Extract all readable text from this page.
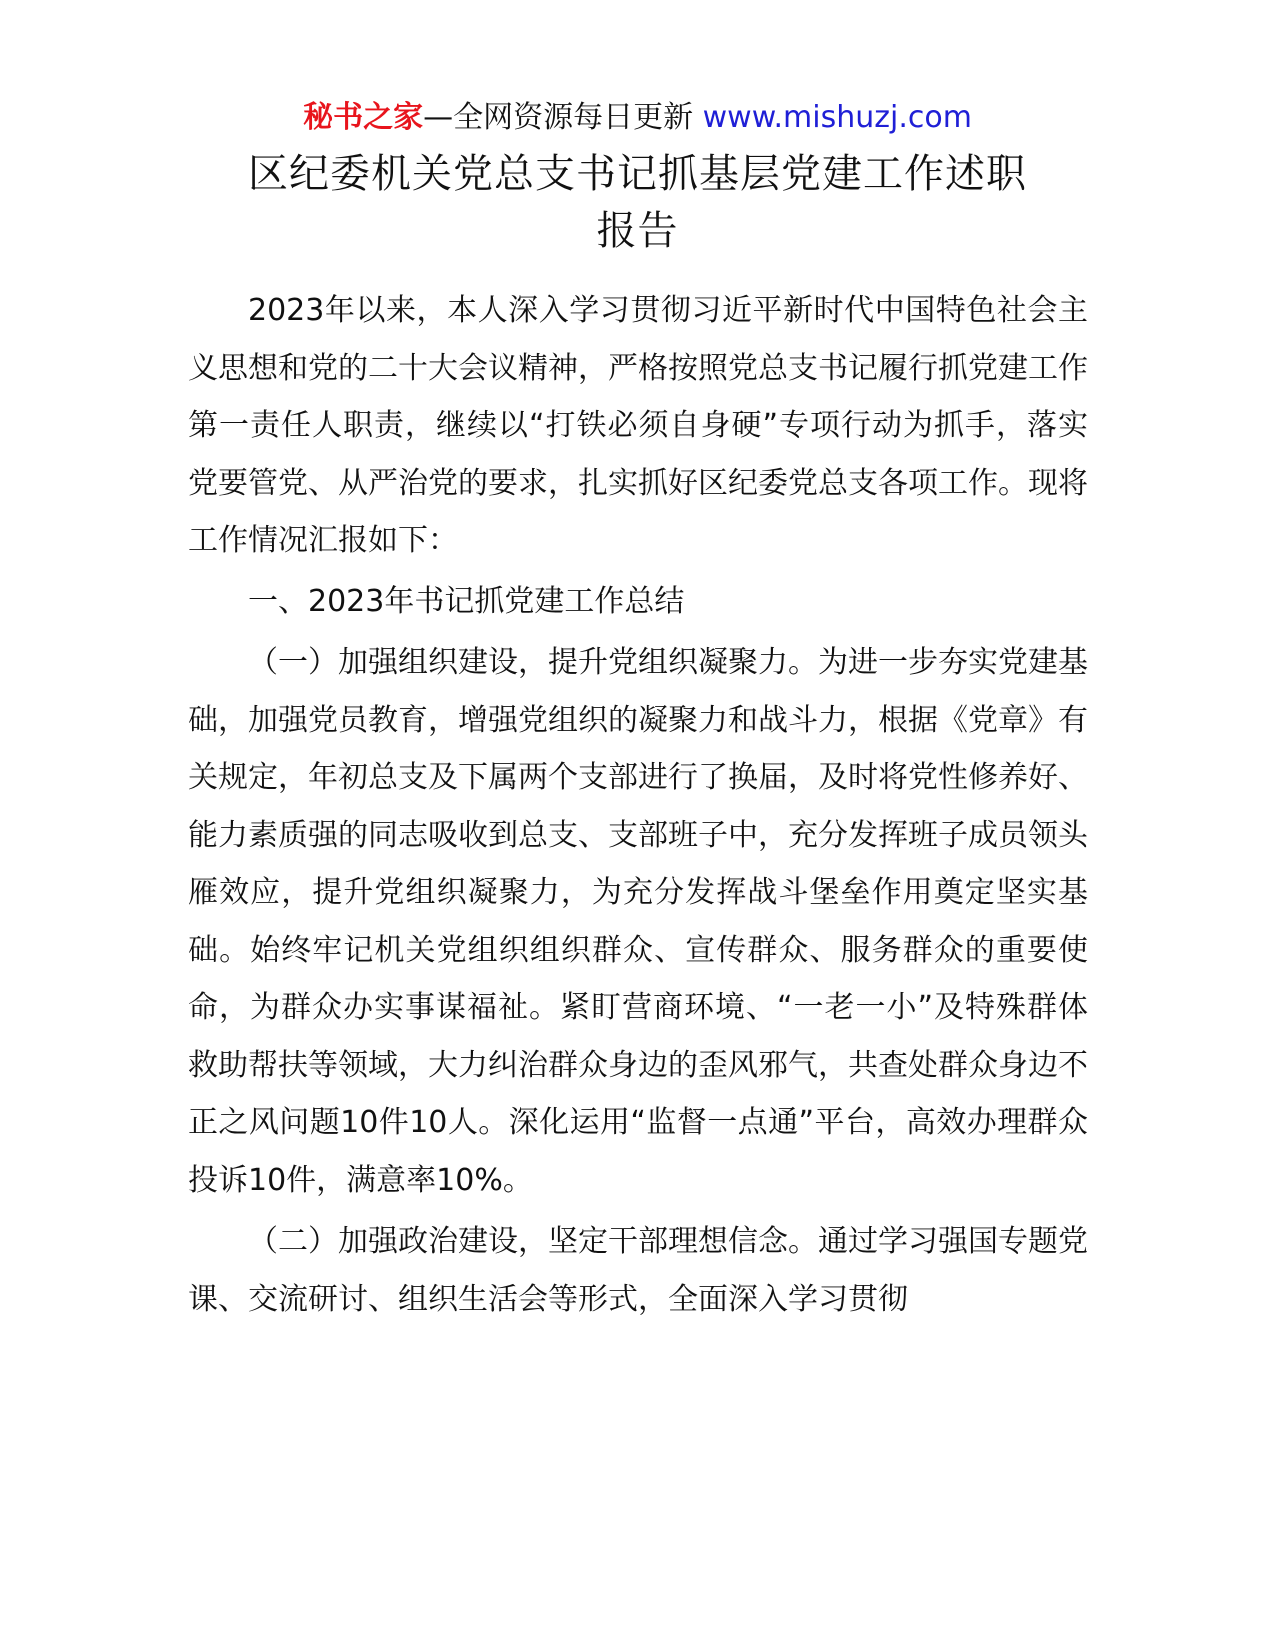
秘书之家—全网资源每日更新 www.mishuzj.com
区纪委机关党总支书记抓基层党建工作述职
报告

2023年以来，本人深入学习贯彻习近平新时代中国特色社会主义思想和党的二十大会议精神，严格按照党总支书记履行抓党建工作第一责任人职责，继续以“打铁必须自身硬”专项行动为抓手，落实党要管党、从严治党的要求，扎实抓好区纪委党总支各项工作。现将工作情况汇报如下：

一、2023年书记抓党建工作总结

（一）加强组织建设，提升党组织凝聚力。为进一步夯实党建基础，加强党员教育，增强党组织的凝聚力和战斗力，根据《党章》有关规定，年初总支及下属两个支部进行了换届，及时将党性修养好、能力素质强的同志吸收到总支、支部班子中，充分发挥班子成员领头雁效应，提升党组织凝聚力，为充分发挥战斗堡垒作用奠定坚实基础。始终牢记机关党组织组织群众、宣传群众、服务群众的重要使命，为群众办实事谋福祉。紧盯营商环境、“一老一小”及特殊群体救助帮扶等领域，大力纠治群众身边的歪风邪气，共查处群众身边不正之风问题10件10人。深化运用“监督一点通”平台，高效办理群众投诉10件，满意率10%。

（二）加强政治建设，坚定干部理想信念。通过学习强国专题党课、交流研讨、组织生活会等形式，全面深入学习贯彻
